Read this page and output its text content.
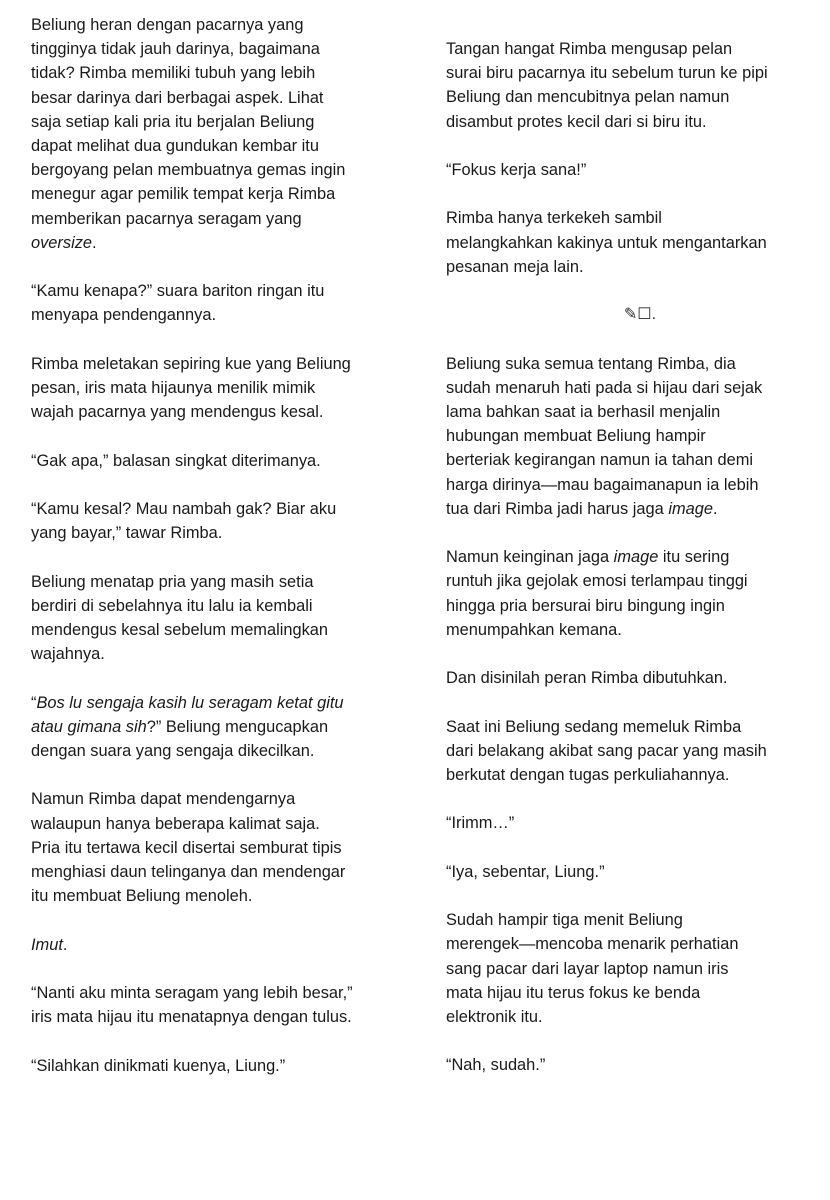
Beliung heran dengan pacarnya yang
tingginya tidak jauh darinya, bagaimana
tidak? Rimba memiliki tubuh yang lebih
besar darinya dari berbagai aspek. Lihat
saja setiap kali pria itu berjalan Beliung
dapat melihat dua gundukan kembar itu
bergoyang pelan membuatnya gemas ingin
menegur agar pemilik tempat kerja Rimba
memberikan pacarnya seragam yang
oversize.

“Kamu kenapa?” suara bariton ringan itu
menyapa pendengannya.

Rimba meletakan sepiring kue yang Beliung
pesan, iris mata hijaunya menilik mimik
wajah pacarnya yang mendengus kesal.

“Gak apa,” balasan singkat diterimanya.

“Kamu kesal? Mau nambah gak? Biar aku
yang bayar,” tawar Rimba.

Beliung menatap pria yang masih setia
berdiri di sebelahnya itu lalu ia kembali
mendengus kesal sebelum memalingkan
wajahnya.

“Bos lu sengaja kasih lu seragam ketat gitu
atau gimana sih?” Beliung mengucapkan
dengan suara yang sengaja dikecilkan.

Namun Rimba dapat mendengarnya
walaupun hanya beberapa kalimat saja.
Pria itu tertawa kecil disertai semburat tipis
menghiasi daun telinganya dan mendengar
itu membuat Beliung menoleh.

Imut.

“Nanti aku minta seragam yang lebih besar,”
iris mata hijau itu menatapnya dengan tulus.

“Silahkan dinikmati kuenya, Liung.”

Tangan hangat Rimba mengusap pelan
surai biru pacarnya itu sebelum turun ke pipi
Beliung dan mencubitnya pelan namun
disambut protes kecil dari si biru itu.

“Fokus kerja sana!”

Rimba hanya terkekeh sambil
melangkahkan kakinya untuk mengantarkan
pesanan meja lain.

✎☐.

Beliung suka semua tentang Rimba, dia
sudah menaruh hati pada si hijau dari sejak
lama bahkan saat ia berhasil menjalin
hubungan membuat Beliung hampir
berteriak kegirangan namun ia tahan demi
harga dirinya—mau bagaimanapun ia lebih
tua dari Rimba jadi harus jaga image.

Namun keinginan jaga image itu sering
runtuh jika gejolak emosi terlampau tinggi
hingga pria bersurai biru bingung ingin
menumpahkan kemana.

Dan disinilah peran Rimba dibutuhkan.

Saat ini Beliung sedang memeluk Rimba
dari belakang akibat sang pacar yang masih
berkutat dengan tugas perkuliahannya.

“Irimm…”

“Iya, sebentar, Liung.”

Sudah hampir tiga menit Beliung
merengek—mencoba menarik perhatian
sang pacar dari layar laptop namun iris
mata hijau itu terus fokus ke benda
elektronik itu.

“Nah, sudah.”
